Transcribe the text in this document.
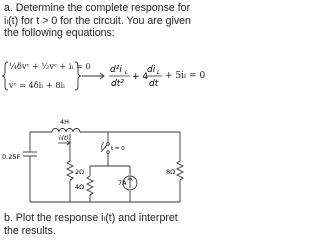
a. Determine the complete response for
iₗ(t) for t > 0 for the circuit. You are given
the following equations:
d²i L
dt²
+ 4
di L
dt
¼δvᶜ + ½vᶜ + iₗ = 0
vᶜ = 4δiₗ + 8iₗ
+ 5iₗ = 0
4H
iₗ(t)
t = 0
0.25F
2Ω
4Ω	7A
8Ω
b. Plot the response iₗ(t) and interpret
the results.
